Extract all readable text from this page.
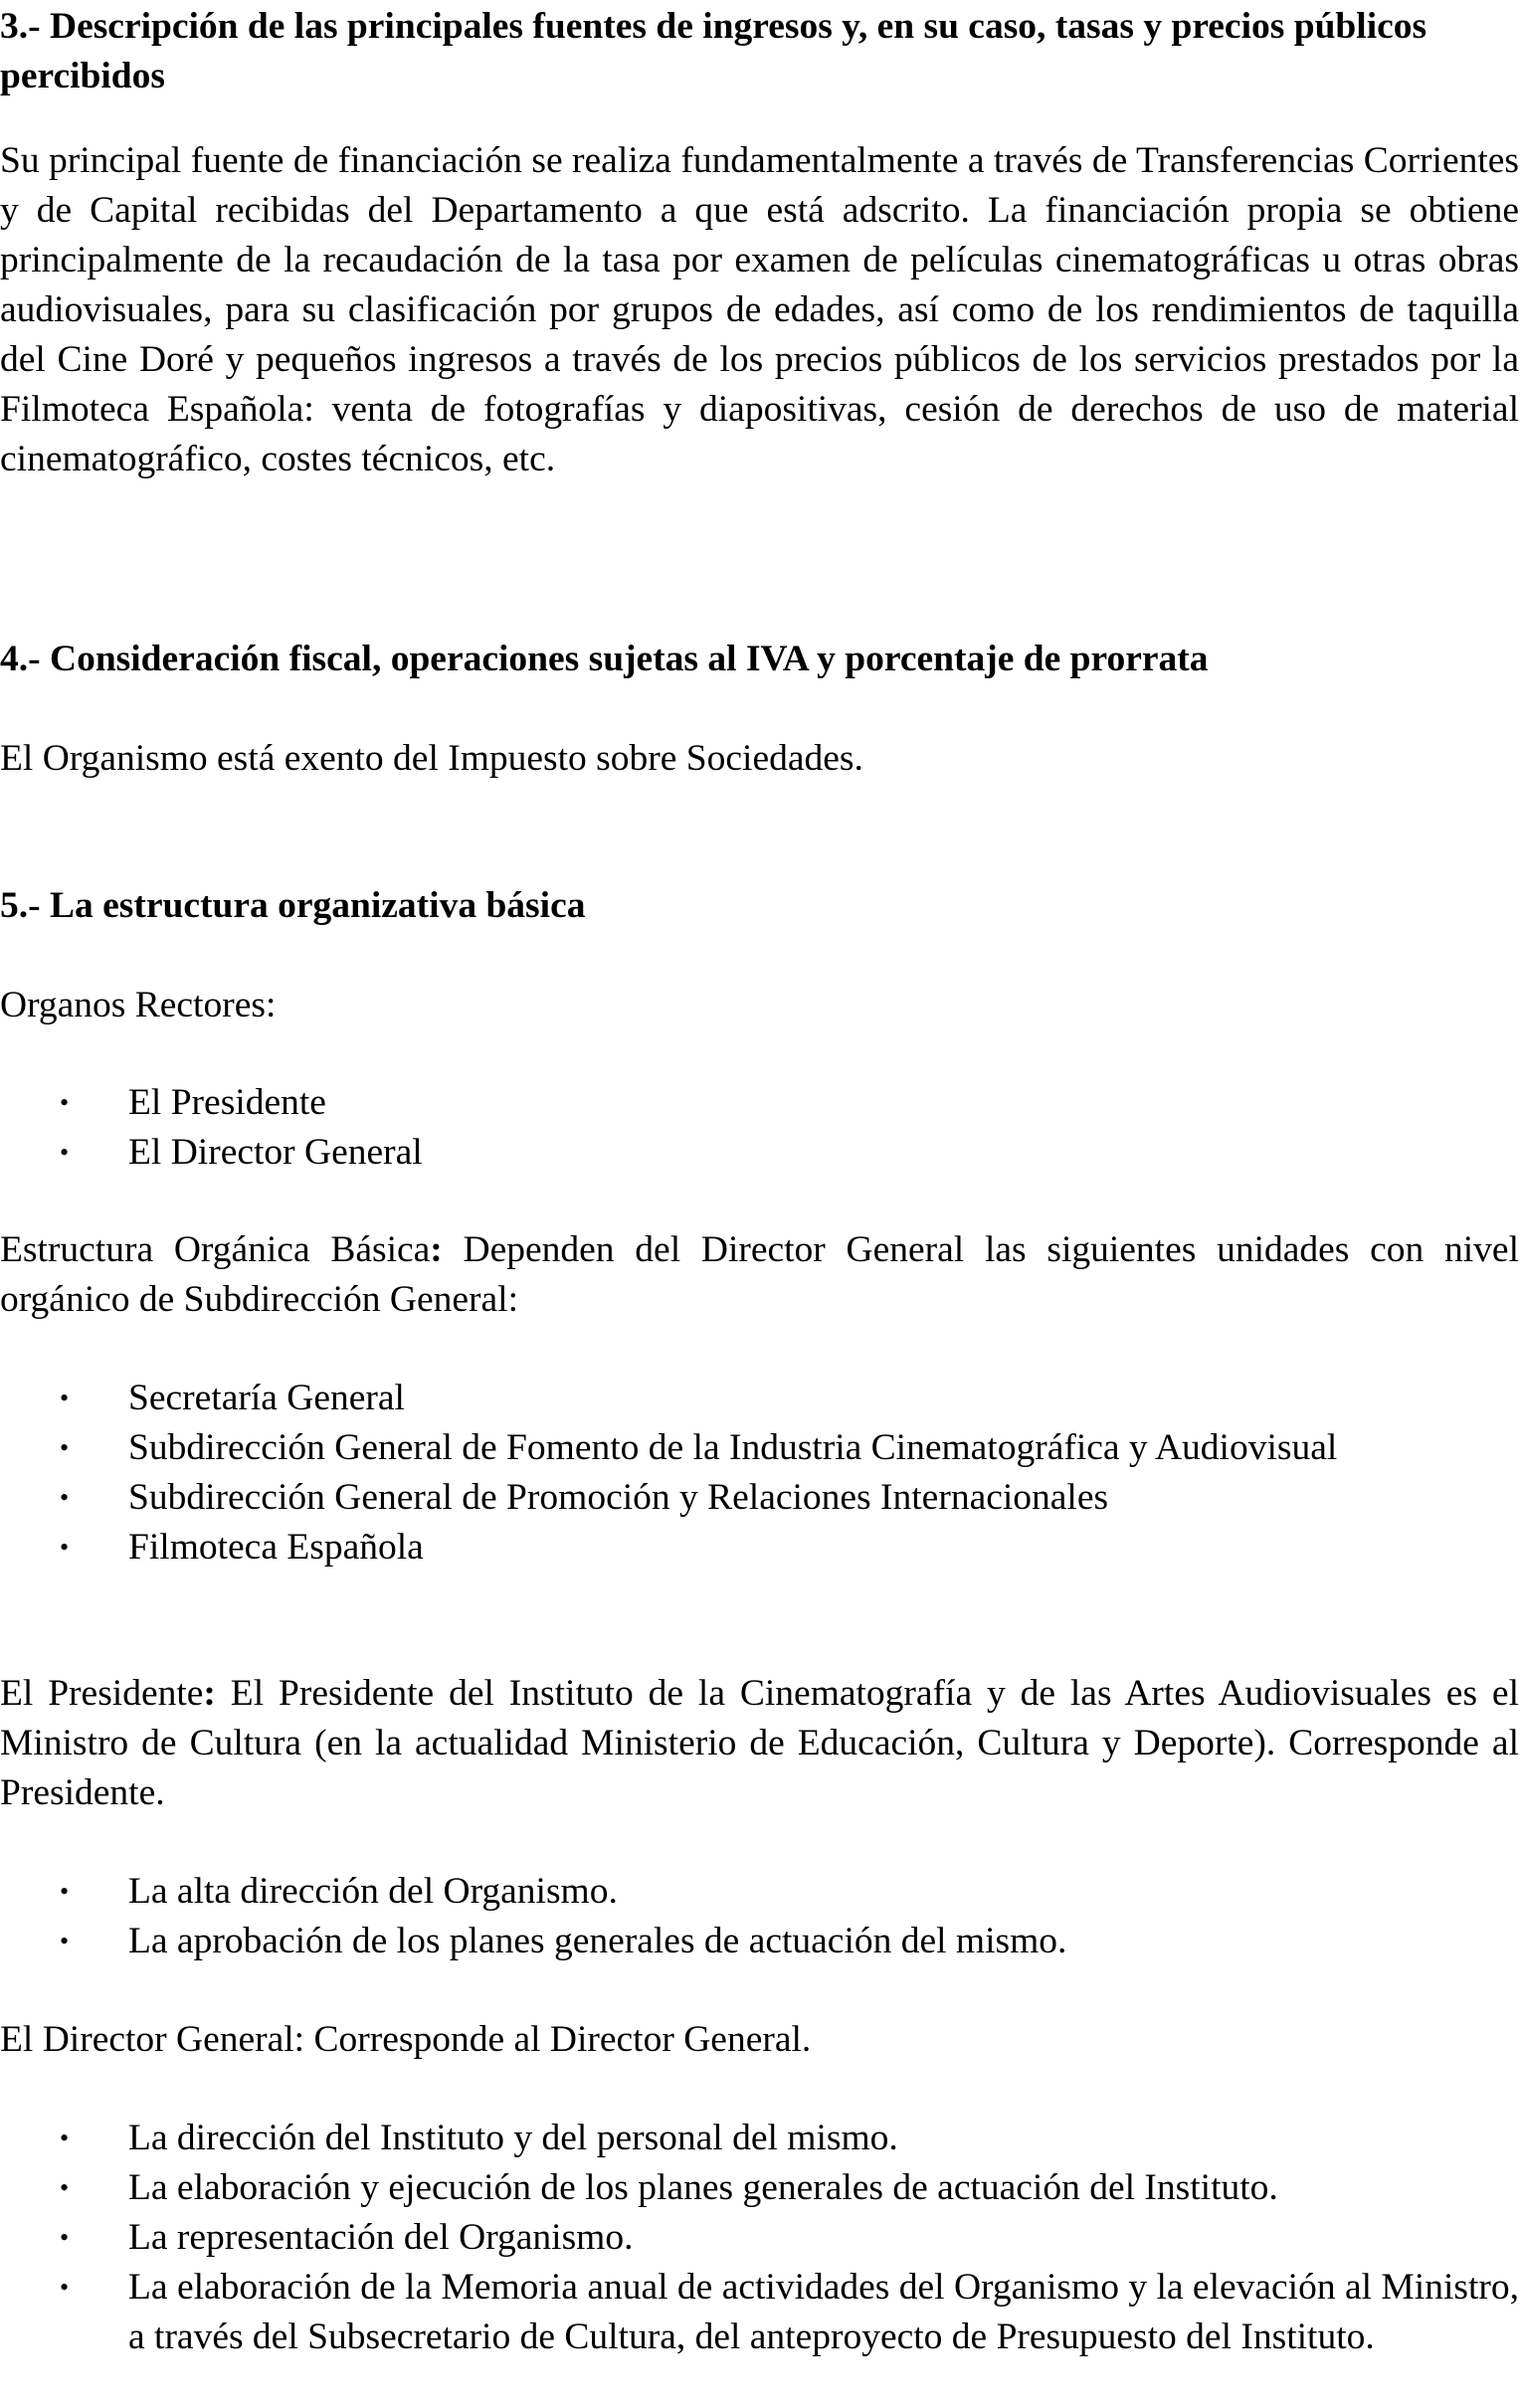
3.- Descripción de las principales fuentes de ingresos y, en su caso, tasas y precios públicos percibidos

Su principal fuente de financiación se realiza fundamentalmente a través de Transferencias Corrientes y de Capital recibidas del Departamento a que está adscrito. La financiación propia se obtiene principalmente de la recaudación de la tasa por examen de películas cinematográficas u otras obras audiovisuales, para su clasificación por grupos de edades, así como de los rendimientos de taquilla del Cine Doré y pequeños ingresos a través de los precios públicos de los servicios prestados por la Filmoteca Española: venta de fotografías y diapositivas, cesión de derechos de uso de material cinematográfico, costes técnicos, etc.

4.- Consideración fiscal, operaciones sujetas al IVA y porcentaje de prorrata

El Organismo está exento del Impuesto sobre Sociedades.

5.- La estructura organizativa básica

Organos Rectores:

• El Presidente
• El Director General

Estructura Orgánica Básica: Dependen del Director General las siguientes unidades con nivel orgánico de Subdirección General:

• Secretaría General
• Subdirección General de Fomento de la Industria Cinematográfica y Audiovisual
• Subdirección General de Promoción y Relaciones Internacionales
• Filmoteca Española

El Presidente: El Presidente del Instituto de la Cinematografía y de las Artes Audiovisuales es el Ministro de Cultura (en la actualidad Ministerio de Educación, Cultura y Deporte). Corresponde al Presidente.

• La alta dirección del Organismo.
• La aprobación de los planes generales de actuación del mismo.

El Director General: Corresponde al Director General.

• La dirección del Instituto y del personal del mismo.
• La elaboración y ejecución de los planes generales de actuación del Instituto.
• La representación del Organismo.
• La elaboración de la Memoria anual de actividades del Organismo y la elevación al Ministro, a través del Subsecretario de Cultura, del anteproyecto de Presupuesto del Instituto.
